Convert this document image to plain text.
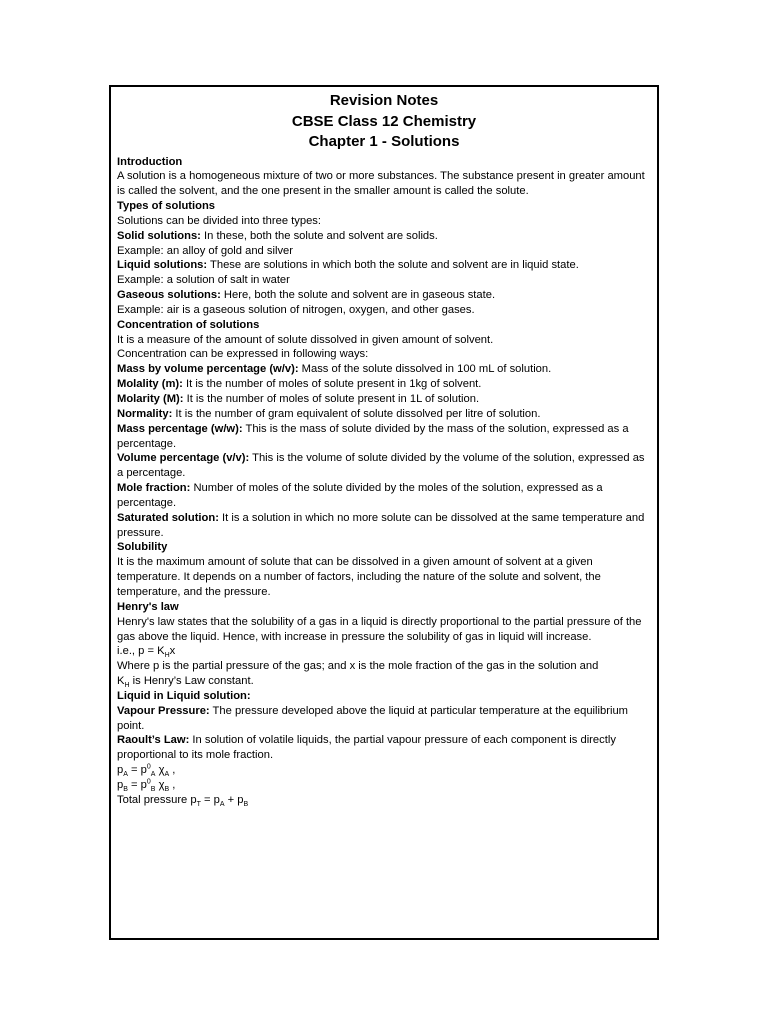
Revision Notes
CBSE Class 12 Chemistry
Chapter 1 - Solutions

Introduction

A solution is a homogeneous mixture of two or more substances. The substance present in greater amount is called the solvent, and the one present in the smaller amount is called the solute.

Types of solutions

Solutions can be divided into three types:

Solid solutions: In these, both the solute and solvent are solids.

Example: an alloy of gold and silver

Liquid solutions: These are solutions in which both the solute and solvent are in liquid state.

Example: a solution of salt in water

Gaseous solutions: Here, both the solute and solvent are in gaseous state.

Example: air is a gaseous solution of nitrogen, oxygen, and other gases.

Concentration of solutions

It is a measure of the amount of solute dissolved in given amount of solvent.

Concentration can be expressed in following ways:

Mass by volume percentage (w/v): Mass of the solute dissolved in 100 mL of solution.

Molality (m): It is the number of moles of solute present in 1kg of solvent.

Molarity (M): It is the number of moles of solute present in 1L of solution.

Normality: It is the number of gram equivalent of solute dissolved per litre of solution.

Mass percentage (w/w): This is the mass of solute divided by the mass of the solution, expressed as a percentage.

Volume percentage (v/v): This is the volume of solute divided by the volume of the solution, expressed as a percentage.

Mole fraction: Number of moles of the solute divided by the moles of the solution, expressed as a percentage.

Saturated solution: It is a solution in which no more solute can be dissolved at the same temperature and pressure.

Solubility

It is the maximum amount of solute that can be dissolved in a given amount of solvent at a given temperature. It depends on a number of factors, including the nature of the solute and solvent, the temperature, and the pressure.

Henry's law

Henry's law states that the solubility of a gas in a liquid is directly proportional to the partial pressure of the gas above the liquid. Hence, with increase in pressure the solubility of gas in liquid will increase.

i.e., $p = K_Hx$

Where p is the partial pressure of the gas; and x is the mole fraction of the gas in the solution and

$K_H$ is Henry’s Law constant.

Liquid in Liquid solution:

Vapour Pressure: The pressure developed above the liquid at particular temperature at the equilibrium point.

Raoult’s Law: In solution of volatile liquids, the partial vapour pressure of each component is directly proportional to its mole fraction.

$p_A = p^0_A$ $\chi_A$ ,

$p_B = p^0_B$ $\chi_B$ ,

Total pressure $p_T = p_A + p_B$
